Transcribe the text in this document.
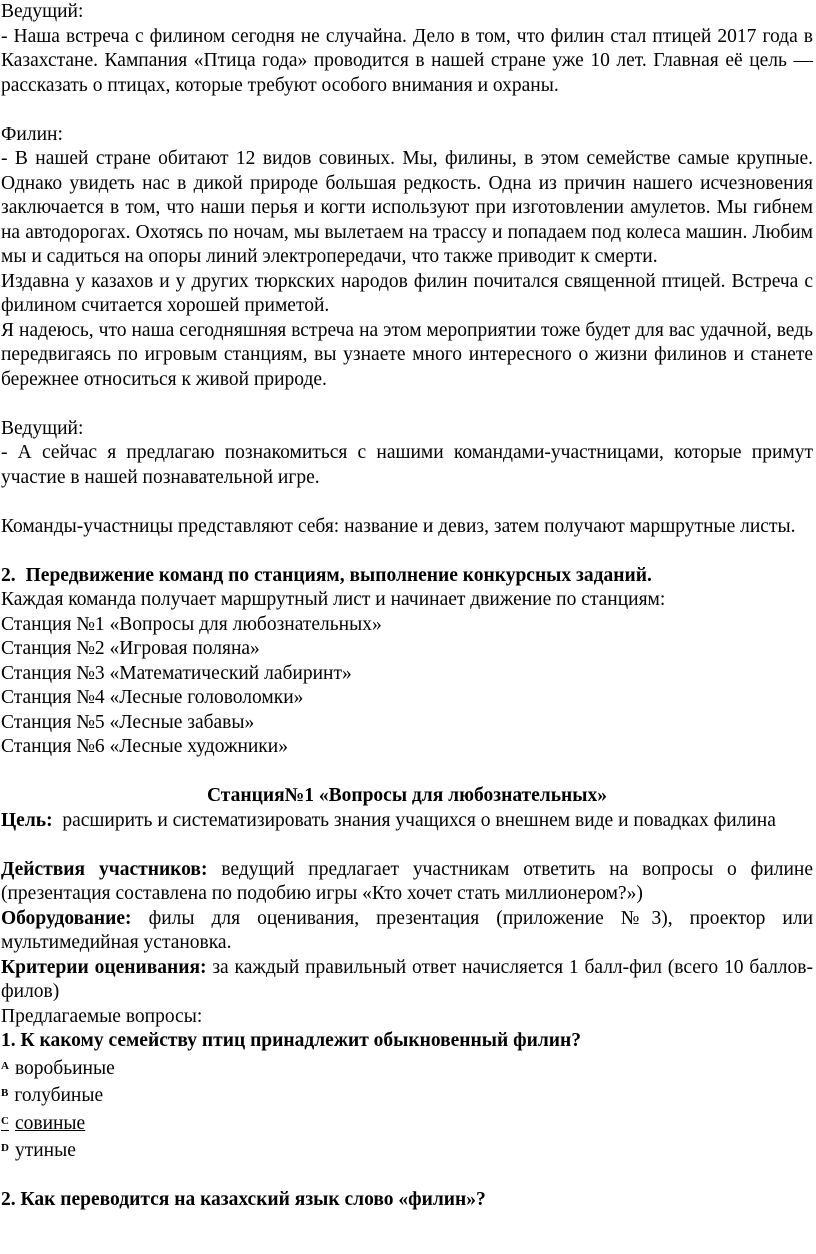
Ведущий:

- Наша встреча с филином сегодня не случайна. Дело в том, что филин стал птицей 2017 года в Казахстане. Кампания «Птица года» проводится в нашей стране уже 10 лет. Главная её цель — рассказать о птицах, которые требуют особого внимания и охраны.

Филин:

- В нашей стране обитают 12 видов совиных. Мы, филины, в этом семействе самые крупные. Однако увидеть нас в дикой природе большая редкость. Одна из причин нашего исчезновения заключается в том, что наши перья и когти используют при изготовлении амулетов. Мы гибнем на автодорогах. Охотясь по ночам, мы вылетаем на трассу и попадаем под колеса машин. Любим мы и садиться на опоры линий электропередачи, что также приводит к смерти.

Издавна у казахов и у других тюркских народов филин почитался священной птицей. Встреча с филином считается хорошей приметой.

Я надеюсь, что наша сегодняшняя встреча на этом мероприятии тоже будет для вас удачной, ведь передвигаясь по игровым станциям, вы узнаете много интересного о жизни филинов и станете бережнее относиться к живой природе.

Ведущий:

- А сейчас я предлагаю познакомиться с нашими командами-участницами, которые примут участие в нашей познавательной игре.

Команды-участницы представляют себя: название и девиз, затем получают маршрутные листы.

2. Передвижение команд по станциям, выполнение конкурсных заданий.

Каждая команда получает маршрутный лист и начинает движение по станциям:

Станция №1 «Вопросы для любознательных»

Станция №2 «Игровая поляна»

Станция №3 «Математический лабиринт»

Станция №4 «Лесные головоломки»

Станция №5 «Лесные забавы»

Станция №6 «Лесные художники»

Станция№1 «Вопросы для любознательных»

Цель: расширить и систематизировать знания учащихся о внешнем виде и повадках филина

Действия участников: ведущий предлагает участникам ответить на вопросы о филине (презентация составлена по подобию игры «Кто хочет стать миллионером?»)

Оборудование: филы для оценивания, презентация (приложение №3), проектор или мультимедийная установка.

Критерии оценивания: за каждый правильный ответ начисляется 1 балл-фил (всего 10 баллов-филов)

Предлагаемые вопросы:

1. К какому семейству птиц принадлежит обыкновенный филин?

$^A$ воробьиные

$^B$ голубиные

$^C$ совиные

$^D$ утиные

2. Как переводится на казахский язык слово «филин»?
